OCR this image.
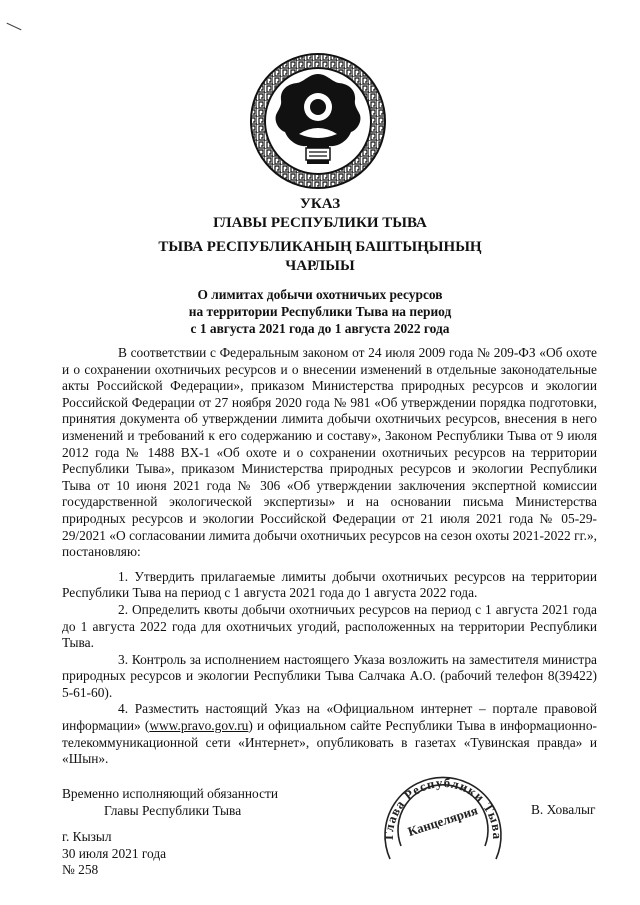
УКАЗ
ГЛАВЫ РЕСПУБЛИКИ ТЫВА
ТЫВА РЕСПУБЛИКАНЫҢ БАШТЫҢЫНЫҢ
ЧАРЛЫЫ
О лимитах добычи охотничьих ресурсов
на территории Республики Тыва на период
с 1 августа 2021 года до 1 августа 2022 года

В соответствии с Федеральным законом от 24 июля 2009 года № 209-ФЗ «Об охоте и о сохранении охотничьих ресурсов и о внесении изменений в отдельные законодательные акты Российской Федерации», приказом Министерства природных ресурсов и экологии Российской Федерации от 27 ноября 2020 года № 981 «Об утверждении порядка подготовки, принятия документа об утверждении лимита добычи охотничьих ресурсов, внесения в него изменений и требований к его содержанию и составу», Законом Республики Тыва от 9 июля 2012 года № 1488 ВХ-1 «Об охоте и о сохранении охотничьих ресурсов на территории Республики Тыва», приказом Министерства природных ресурсов и экологии Республики Тыва от 10 июня 2021 года № 306 «Об утверждении заключения экспертной комиссии государственной экологической экспертизы» и на основании письма Министерства природных ресурсов и экологии Российской Федерации от 21 июля 2021 года № 05-29-29/2021 «О согласовании лимита добычи охотничьих ресурсов на сезон охоты 2021-2022 гг.», постановляю:

1. Утвердить прилагаемые лимиты добычи охотничьих ресурсов на территории Республики Тыва на период с 1 августа 2021 года до 1 августа 2022 года.

2. Определить квоты добычи охотничьих ресурсов на период с 1 августа 2021 года до 1 августа 2022 года для охотничьих угодий, расположенных на территории Республики Тыва.

3. Контроль за исполнением настоящего Указа возложить на заместителя министра природных ресурсов и экологии Республики Тыва Салчака А.О. (рабочий телефон 8(39422) 5-61-60).

4. Разместить настоящий Указ на «Официальном интернет – портале правовой информации» (www.pravo.gov.ru) и официальном сайте Республики Тыва в информационно-телекоммуникационной сети «Интернет», опубликовать в газетах «Тувинская правда» и «Шын».

Временно исполняющий обязанности
Главы Республики Тыва
Глава Республики Тыва
Канцелярия	В. Ховалыг
г. Кызыл
30 июля 2021 года
№ 258
